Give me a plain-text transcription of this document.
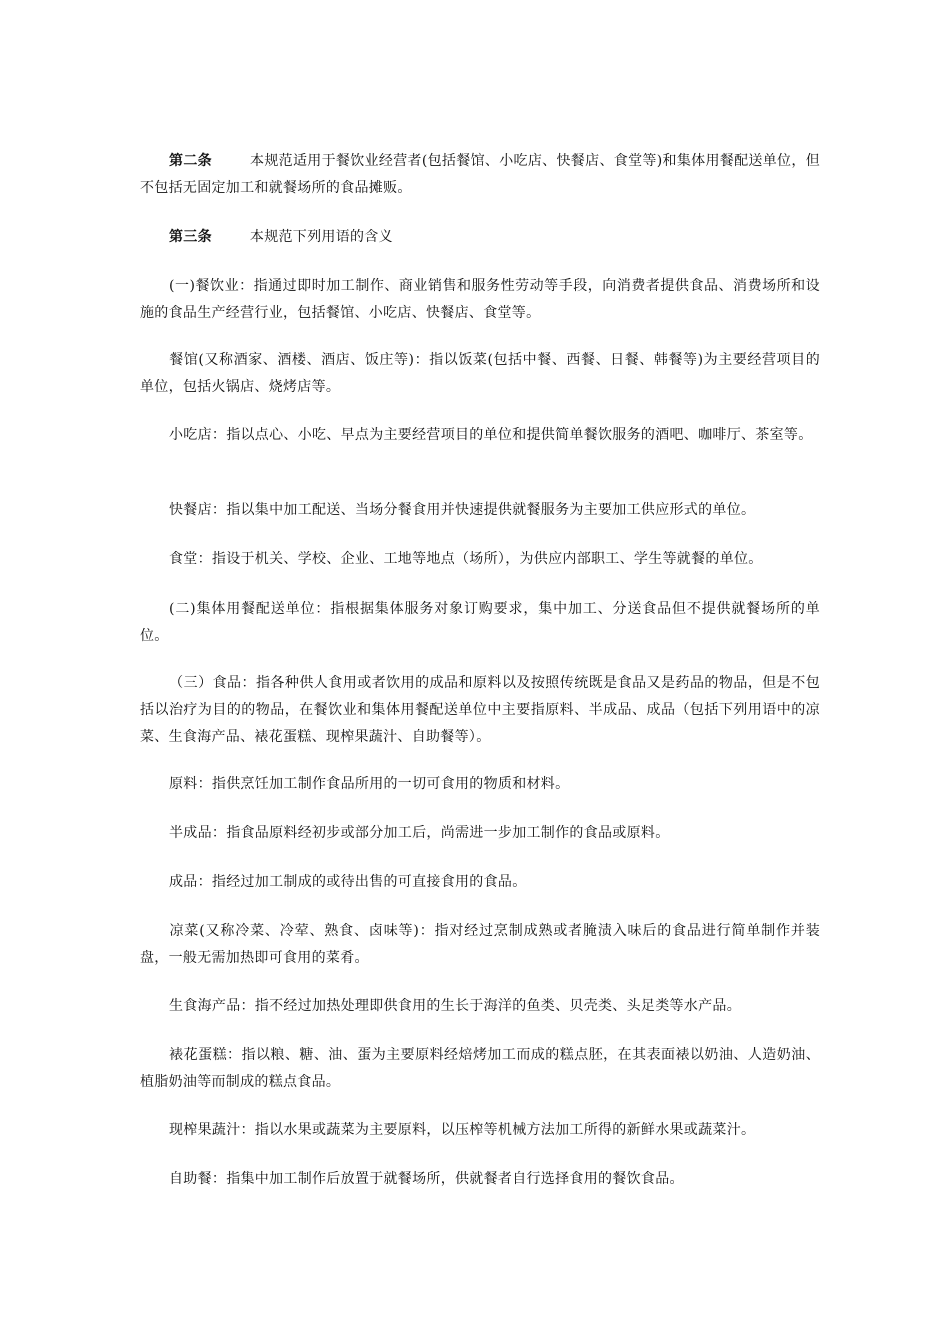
第二条	本规范适用于餐饮业经营者(包括餐馆、小吃店、快餐店、食堂等)和集体用餐配送单位，但不包括无固定加工和就餐场所的食品摊贩。

第三条	本规范下列用语的含义

(一)餐饮业：指通过即时加工制作、商业销售和服务性劳动等手段，向消费者提供食品、消费场所和设施的食品生产经营行业，包括餐馆、小吃店、快餐店、食堂等。

餐馆(又称酒家、酒楼、酒店、饭庄等)：指以饭菜(包括中餐、西餐、日餐、韩餐等)为主要经营项目的单位，包括火锅店、烧烤店等。

小吃店：指以点心、小吃、早点为主要经营项目的单位和提供简单餐饮服务的酒吧、咖啡厅、茶室等。

快餐店：指以集中加工配送、当场分餐食用并快速提供就餐服务为主要加工供应形式的单位。

食堂：指设于机关、学校、企业、工地等地点（场所），为供应内部职工、学生等就餐的单位。

(二)集体用餐配送单位：指根据集体服务对象订购要求，集中加工、分送食品但不提供就餐场所的单位。

（三）食品：指各种供人食用或者饮用的成品和原料以及按照传统既是食品又是药品的物品，但是不包括以治疗为目的的物品，在餐饮业和集体用餐配送单位中主要指原料、半成品、成品（包括下列用语中的凉菜、生食海产品、裱花蛋糕、现榨果蔬汁、自助餐等）。

原料：指供烹饪加工制作食品所用的一切可食用的物质和材料。

半成品：指食品原料经初步或部分加工后，尚需进一步加工制作的食品或原料。

成品：指经过加工制成的或待出售的可直接食用的食品。

凉菜(又称冷菜、冷荤、熟食、卤味等)：指对经过烹制成熟或者腌渍入味后的食品进行简单制作并装盘，一般无需加热即可食用的菜肴。

生食海产品：指不经过加热处理即供食用的生长于海洋的鱼类、贝壳类、头足类等水产品。

裱花蛋糕：指以粮、糖、油、蛋为主要原料经焙烤加工而成的糕点胚，在其表面裱以奶油、人造奶油、植脂奶油等而制成的糕点食品。

现榨果蔬汁：指以水果或蔬菜为主要原料，以压榨等机械方法加工所得的新鲜水果或蔬菜汁。

自助餐：指集中加工制作后放置于就餐场所，供就餐者自行选择食用的餐饮食品。
